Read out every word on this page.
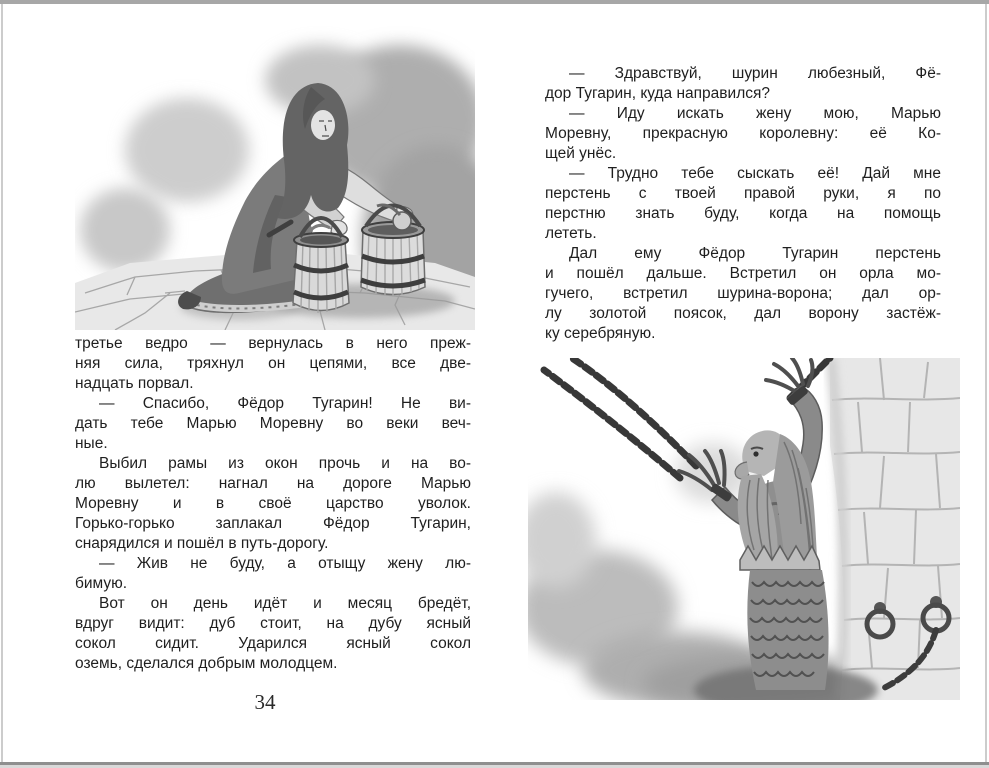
третье ведро — вернулась в него преж-
няя сила, тряхнул он цепями, все две-
надцать порвал.
— Спасибо, Фёдор Тугарин! Не ви-
дать тебе Марью Моревну во веки веч-
ные.
Выбил рамы из окон прочь и на во-
лю вылетел: нагнал на дороге Марью
Моревну и в своё царство уволок.
Горько-горько заплакал Фёдор Тугарин,
снарядился и пошёл в путь-дорогу.
— Жив не буду, а отыщу жену лю-
бимую.
Вот он день идёт и месяц бредёт,
вдруг видит: дуб стоит, на дубу ясный
сокол сидит. Ударился ясный сокол
оземь, сделался добрым молодцем.
34
— Здравствуй, шурин любезный, Фё-
дор Тугарин, куда направился?
— Иду искать жену мою, Марью
Моревну, прекрасную королевну: её Ко-
щей унёс.
— Трудно тебе сыскать её! Дай мне
перстень с твоей правой руки, я по
перстню знать буду, когда на помощь
лететь.
Дал ему Фёдор Тугарин перстень
и пошёл дальше. Встретил он орла мо-
гучего, встретил шурина-ворона; дал ор-
лу золотой поясок, дал ворону застёж-
ку серебряную.
